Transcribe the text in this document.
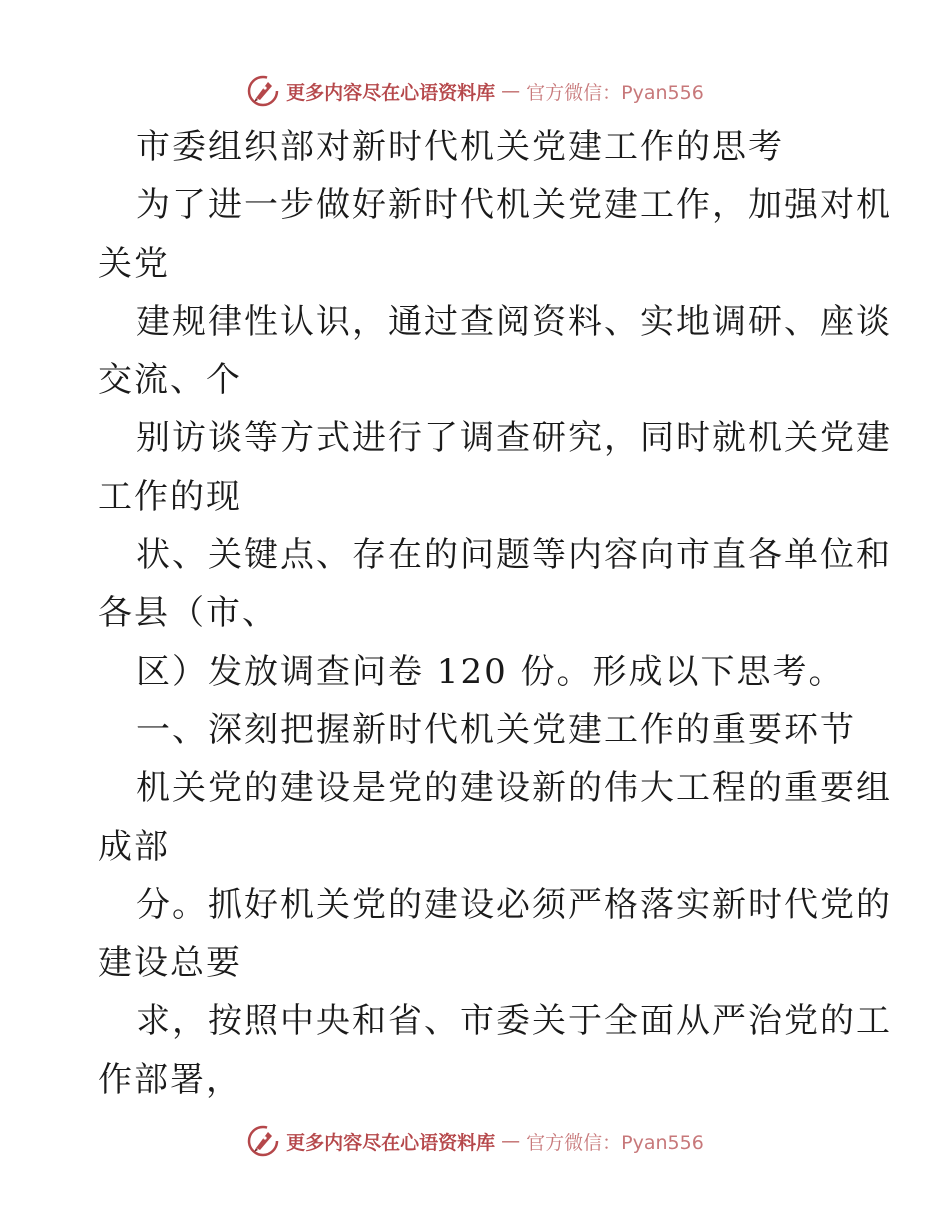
更多内容尽在心语资料库 — 官方微信：Pyan556
市委组织部对新时代机关党建工作的思考
为了进一步做好新时代机关党建工作，加强对机
关党
建规律性认识，通过查阅资料、实地调研、座谈
交流、个
别访谈等方式进行了调查研究，同时就机关党建
工作的现
状、关键点、存在的问题等内容向市直各单位和
各县（市、
区）发放调查问卷 120 份。形成以下思考。
一、深刻把握新时代机关党建工作的重要环节
机关党的建设是党的建设新的伟大工程的重要组
成部
分。抓好机关党的建设必须严格落实新时代党的
建设总要
求，按照中央和省、市委关于全面从严治党的工
作部署，
更多内容尽在心语资料库 — 官方微信：Pyan556
